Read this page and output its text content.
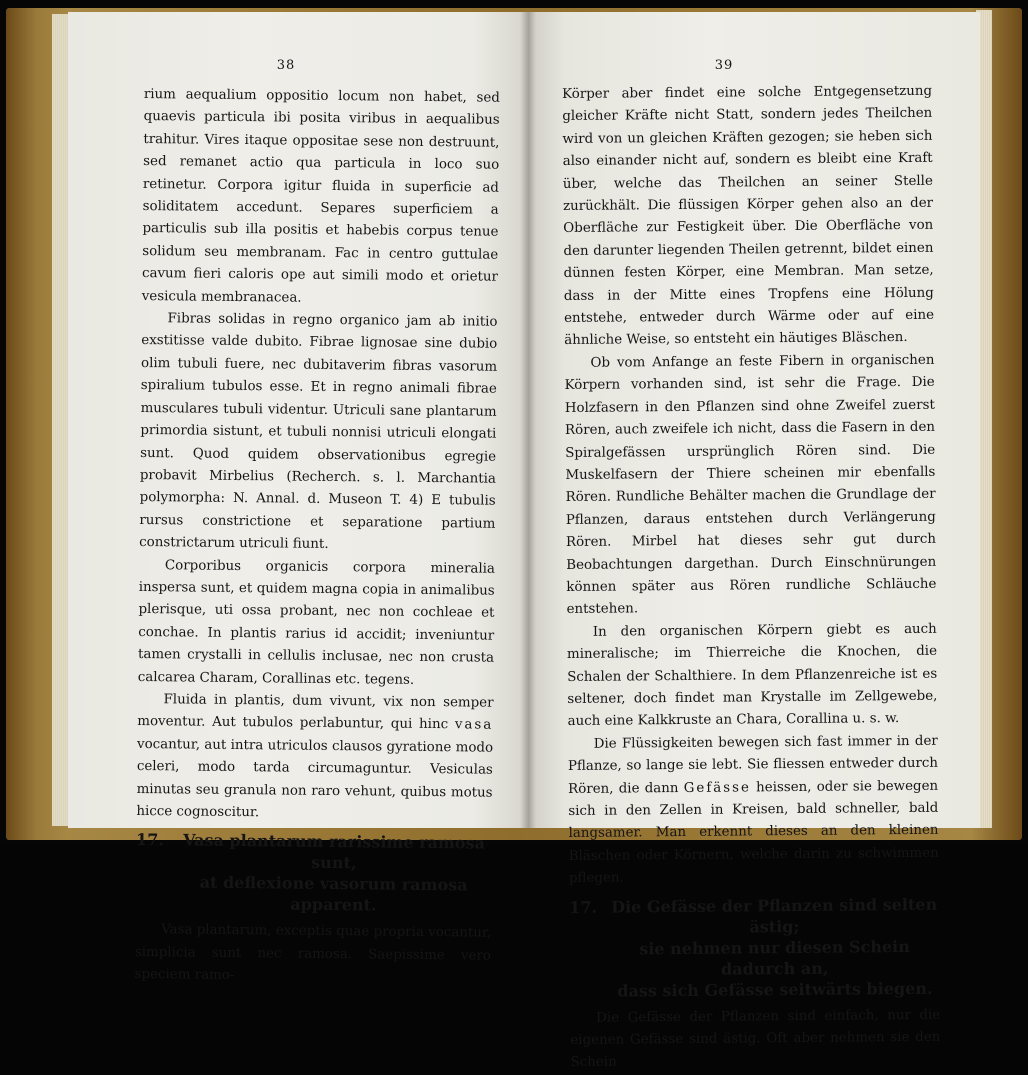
38

rium aequalium oppositio locum non habet, sed quaevis particula ibi posita viribus in aequalibus trahitur. Vires itaque oppositae sese non destruunt, sed remanet actio qua particula in loco suo retinetur. Corpora igitur fluida in superficie ad soliditatem accedunt. Separes superficiem a particulis sub illa positis et habebis corpus tenue solidum seu membranam. Fac in centro guttulae cavum fieri caloris ope aut simili modo et orietur vesicula membranacea.

Fibras solidas in regno organico jam ab initio exstitisse valde dubito. Fibrae lignosae sine dubio olim tubuli fuere, nec dubitaverim fibras vasorum spiralium tubulos esse. Et in regno animali fibrae musculares tubuli videntur. Utriculi sane plantarum primordia sistunt, et tubuli nonnisi utriculi elongati sunt. Quod quidem observationibus egregie probavit Mirbelius (Recherch. s. l. Marchantia polymorpha: N. Annal. d. Museon T. 4) E tubulis rursus constrictione et separatione partium constrictarum utriculi fiunt.

Corporibus organicis corpora mineralia inspersa sunt, et quidem magna copia in animalibus plerisque, uti ossa probant, nec non cochleae et conchae. In plantis rarius id accidit; inveniuntur tamen crystalli in cellulis inclusae, nec non crusta calcarea Charam, Corallinas etc. tegens.

Fluida in plantis, dum vivunt, vix non semper moventur. Aut tubulos perlabuntur, qui hinc vasa vocantur, aut intra utriculos clausos gyratione modo celeri, modo tarda circumaguntur. Vesiculas minutas seu granula non raro vehunt, quibus motus hicce cognoscitur.

17.	Vasa plantarum rarissime ramosa sunt,
at deflexione vasorum ramosa apparent.

Vasa plantarum, exceptis quae propria vocantur, simplicia sunt nec ramosa. Saepissime vero speciem ramo-

39

Körper aber findet eine solche Entgegensetzung gleicher Kräfte nicht Statt, sondern jedes Theilchen wird von un gleichen Kräften gezogen; sie heben sich also einander nicht auf, sondern es bleibt eine Kraft über, welche das Theilchen an seiner Stelle zurückhält. Die flüssigen Körper gehen also an der Oberfläche zur Festigkeit über. Die Oberfläche von den darunter liegenden Theilen getrennt, bildet einen dünnen festen Körper, eine Membran. Man setze, dass in der Mitte eines Tropfens eine Hölung entstehe, entweder durch Wärme oder auf eine ähnliche Weise, so entsteht ein häutiges Bläschen.

Ob vom Anfange an feste Fibern in organischen Körpern vorhanden sind, ist sehr die Frage. Die Holzfasern in den Pflanzen sind ohne Zweifel zuerst Rören, auch zweifele ich nicht, dass die Fasern in den Spiralgefässen ursprünglich Rören sind. Die Muskelfasern der Thiere scheinen mir ebenfalls Rören. Rundliche Behälter machen die Grundlage der Pflanzen, daraus entstehen durch Verlängerung Rören. Mirbel hat dieses sehr gut durch Beobachtungen dargethan. Durch Einschnürungen können später aus Rören rundliche Schläuche entstehen.

In den organischen Körpern giebt es auch mineralische; im Thierreiche die Knochen, die Schalen der Schalthiere. In dem Pflanzenreiche ist es seltener, doch findet man Krystalle im Zellgewebe, auch eine Kalkkruste an Chara, Corallina u. s. w.

Die Flüssigkeiten bewegen sich fast immer in der Pflanze, so lange sie lebt. Sie fliessen entweder durch Rören, die dann Gefässe heissen, oder sie bewegen sich in den Zellen in Kreisen, bald schneller, bald langsamer. Man erkennt dieses an den kleinen Bläschen oder Körnern, welche darin zu schwimmen pflegen.

17. Die Gefässe der Pflanzen sind selten ästig;
sie nehmen nur diesen Schein dadurch an,
dass sich Gefässe seitwärts biegen.

Die Gefässe der Pflanzen sind einfach, nur die eigenen Gefässe sind ästig. Oft aber nehmen sie den Schein
